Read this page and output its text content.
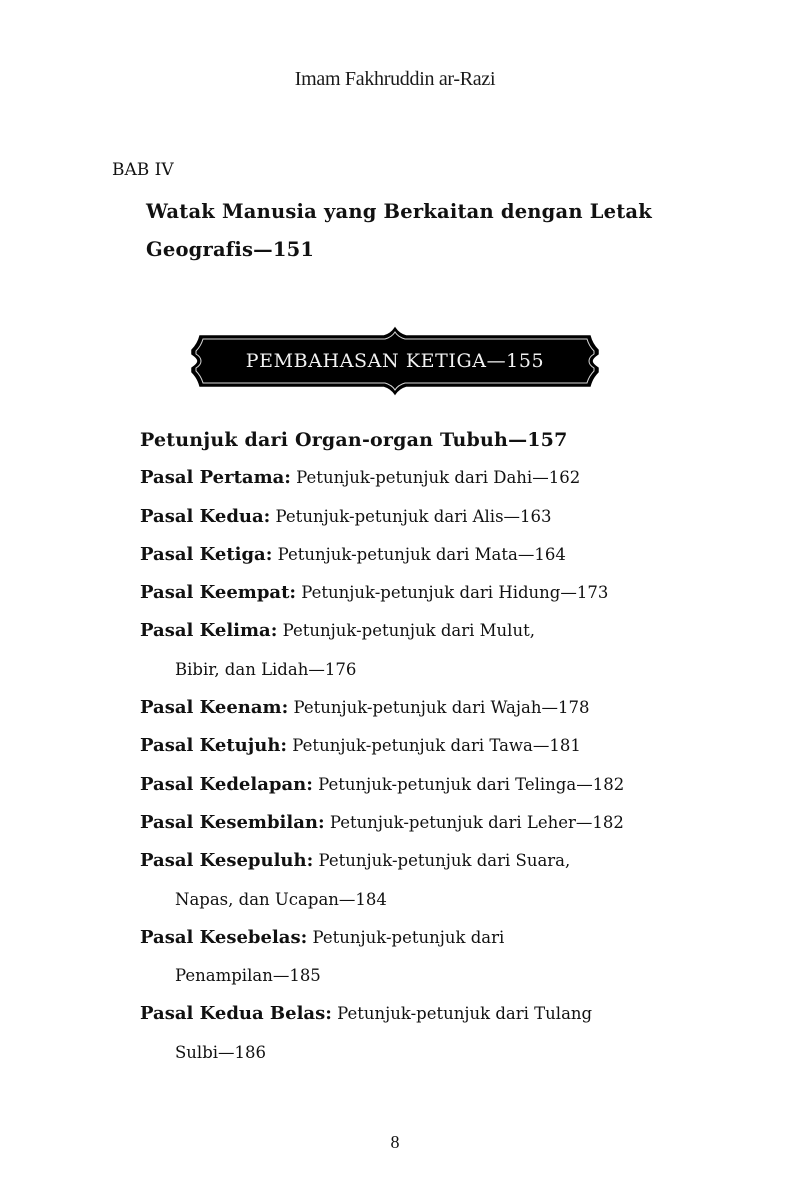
Imam Fakhruddin ar-Razi
BAB IV
Watak Manusia yang Berkaitan dengan Letak
Geografis—151
PEMBAHASAN KETIGA—155
Petunjuk dari Organ-organ Tubuh—157
Pasal Pertama: Petunjuk-petunjuk dari Dahi—162
Pasal Kedua: Petunjuk-petunjuk dari Alis—163
Pasal Ketiga: Petunjuk-petunjuk dari Mata—164
Pasal Keempat: Petunjuk-petunjuk dari Hidung—173
Pasal Kelima: Petunjuk-petunjuk dari Mulut,
Bibir, dan Lidah—176
Pasal Keenam: Petunjuk-petunjuk dari Wajah—178
Pasal Ketujuh: Petunjuk-petunjuk dari Tawa—181
Pasal Kedelapan: Petunjuk-petunjuk dari Telinga—182
Pasal Kesembilan: Petunjuk-petunjuk dari Leher—182
Pasal Kesepuluh: Petunjuk-petunjuk dari Suara,
Napas, dan Ucapan—184
Pasal Kesebelas: Petunjuk-petunjuk dari
Penampilan—185
Pasal Kedua Belas: Petunjuk-petunjuk dari Tulang
Sulbi—186
8
